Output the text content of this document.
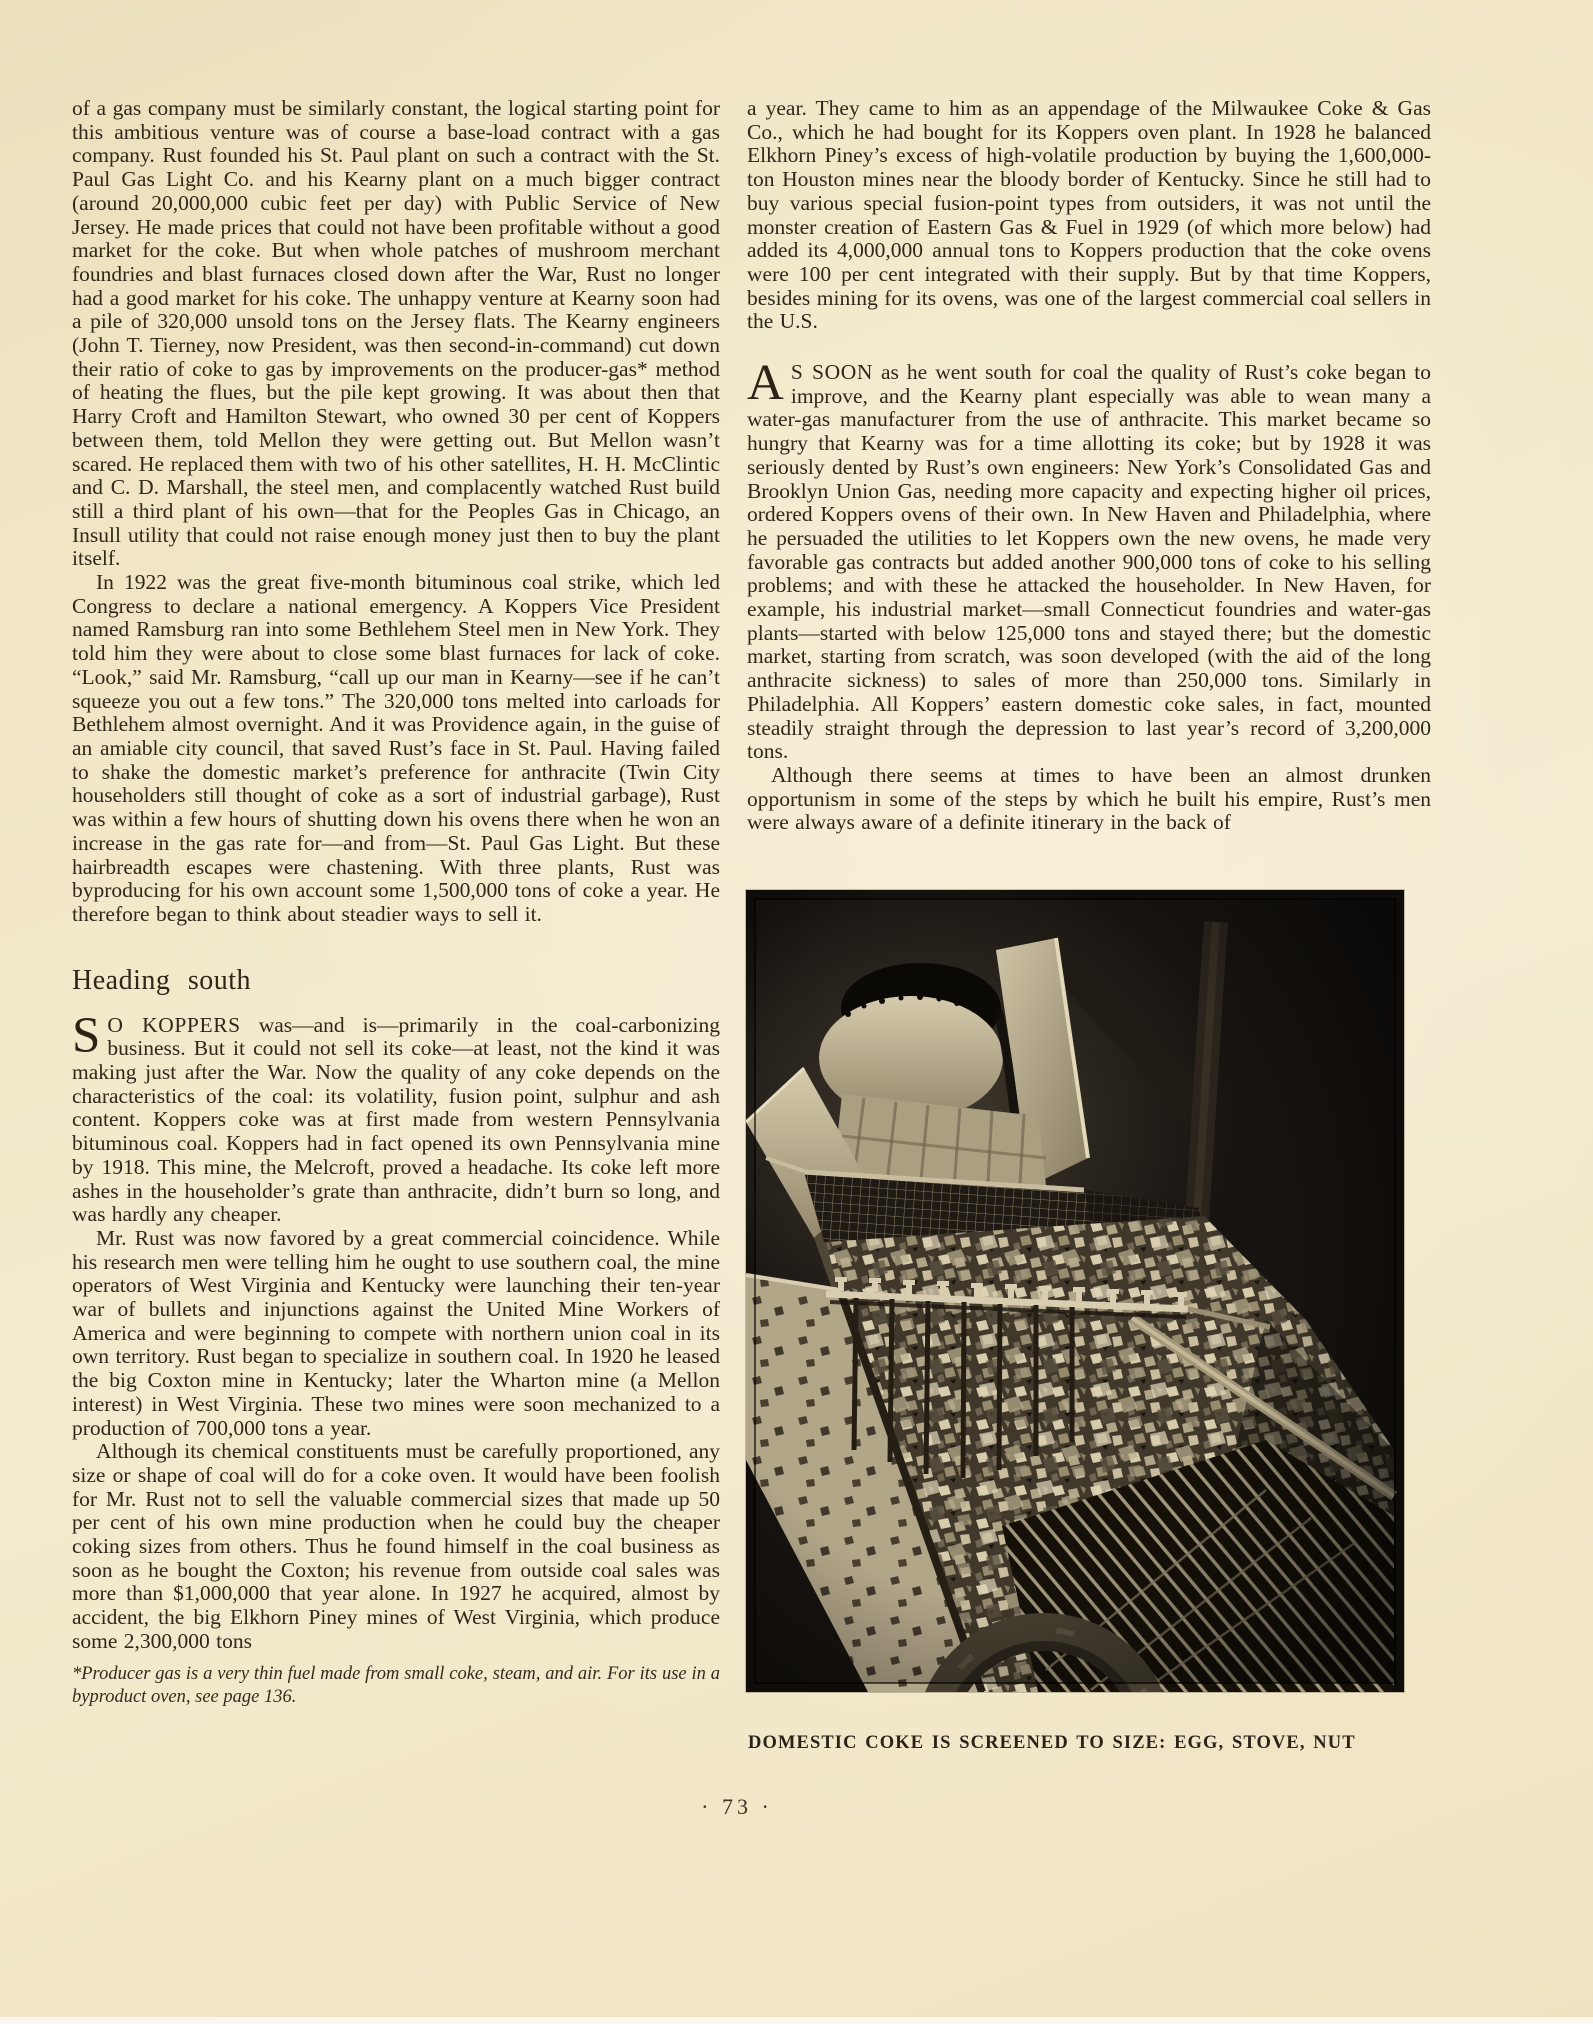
of a gas company must be similarly constant, the logical starting point for this ambitious venture was of course a base-load contract with a gas company. Rust founded his St. Paul plant on such a contract with the St. Paul Gas Light Co. and his Kearny plant on a much bigger contract (around 20,000,000 cubic feet per day) with Public Service of New Jersey. He made prices that could not have been profitable without a good market for the coke. But when whole patches of mushroom merchant foundries and blast furnaces closed down after the War, Rust no longer had a good market for his coke. The unhappy venture at Kearny soon had a pile of 320,000 unsold tons on the Jersey flats. The Kearny engineers (John T. Tierney, now President, was then second-in-command) cut down their ratio of coke to gas by improvements on the producer-gas* method of heating the flues, but the pile kept growing. It was about then that Harry Croft and Hamilton Stewart, who owned 30 per cent of Koppers between them, told Mellon they were getting out. But Mellon wasn’t scared. He replaced them with two of his other satellites, H. H. McClintic and C. D. Marshall, the steel men, and complacently watched Rust build still a third plant of his own—that for the Peoples Gas in Chicago, an Insull utility that could not raise enough money just then to buy the plant itself.

In 1922 was the great five-month bituminous coal strike, which led Congress to declare a national emergency. A Koppers Vice President named Ramsburg ran into some Bethlehem Steel men in New York. They told him they were about to close some blast furnaces for lack of coke. “Look,” said Mr. Ramsburg, “call up our man in Kearny—see if he can’t squeeze you out a few tons.” The 320,000 tons melted into carloads for Bethlehem almost overnight. And it was Providence again, in the guise of an amiable city council, that saved Rust’s face in St. Paul. Having failed to shake the domestic market’s preference for anthracite (Twin City householders still thought of coke as a sort of industrial garbage), Rust was within a few hours of shutting down his ovens there when he won an increase in the gas rate for—and from—St. Paul Gas Light. But these hairbreadth escapes were chastening. With three plants, Rust was byproducing for his own account some 1,500,000 tons of coke a year. He therefore began to think about steadier ways to sell it.

Heading south

S O KOPPERS was—and is—primarily in the coal-carbonizing business. But it could not sell its coke—at least, not the kind it was making just after the War. Now the quality of any coke depends on the characteristics of the coal: its volatility, fusion point, sulphur and ash content. Koppers coke was at first made from western Pennsylvania bituminous coal. Koppers had in fact opened its own Pennsylvania mine by 1918. This mine, the Melcroft, proved a headache. Its coke left more ashes in the householder’s grate than anthracite, didn’t burn so long, and was hardly any cheaper.

Mr. Rust was now favored by a great commercial coincidence. While his research men were telling him he ought to use southern coal, the mine operators of West Virginia and Kentucky were launching their ten-year war of bullets and injunctions against the United Mine Workers of America and were beginning to compete with northern union coal in its own territory. Rust began to specialize in southern coal. In 1920 he leased the big Coxton mine in Kentucky; later the Wharton mine (a Mellon interest) in West Virginia. These two mines were soon mechanized to a production of 700,000 tons a year.

Although its chemical constituents must be carefully proportioned, any size or shape of coal will do for a coke oven. It would have been foolish for Mr. Rust not to sell the valuable commercial sizes that made up 50 per cent of his own mine production when he could buy the cheaper coking sizes from others. Thus he found himself in the coal business as soon as he bought the Coxton; his revenue from outside coal sales was more than $1,000,000 that year alone. In 1927 he acquired, almost by accident, the big Elkhorn Piney mines of West Virginia, which produce some 2,300,000 tons

*Producer gas is a very thin fuel made from small coke, steam, and air. For its use in a byproduct oven, see page 136.

a year. They came to him as an appendage of the Milwaukee Coke & Gas Co., which he had bought for its Koppers oven plant. In 1928 he balanced Elkhorn Piney’s excess of high-volatile production by buying the 1,600,000-ton Houston mines near the bloody border of Kentucky. Since he still had to buy various special fusion-point types from outsiders, it was not until the monster creation of Eastern Gas & Fuel in 1929 (of which more below) had added its 4,000,000 annual tons to Koppers production that the coke ovens were 100 per cent integrated with their supply. But by that time Koppers, besides mining for its ovens, was one of the largest commercial coal sellers in the U.S.

A S SOON as he went south for coal the quality of Rust’s coke began to improve, and the Kearny plant especially was able to wean many a water-gas manufacturer from the use of anthracite. This market became so hungry that Kearny was for a time allotting its coke; but by 1928 it was seriously dented by Rust’s own engineers: New York’s Consolidated Gas and Brooklyn Union Gas, needing more capacity and expecting higher oil prices, ordered Koppers ovens of their own. In New Haven and Philadelphia, where he persuaded the utilities to let Koppers own the new ovens, he made very favorable gas contracts but added another 900,000 tons of coke to his selling problems; and with these he attacked the householder. In New Haven, for example, his industrial market—small Connecticut foundries and water-gas plants—started with below 125,000 tons and stayed there; but the domestic market, starting from scratch, was soon developed (with the aid of the long anthracite sickness) to sales of more than 250,000 tons. Similarly in Philadelphia. All Koppers’ eastern domestic coke sales, in fact, mounted steadily straight through the depression to last year’s record of 3,200,000 tons.

Although there seems at times to have been an almost drunken opportunism in some of the steps by which he built his empire, Rust’s men were always aware of a definite itinerary in the back of

DOMESTIC COKE IS SCREENED TO SIZE: EGG, STOVE, NUT
· 73 ·
